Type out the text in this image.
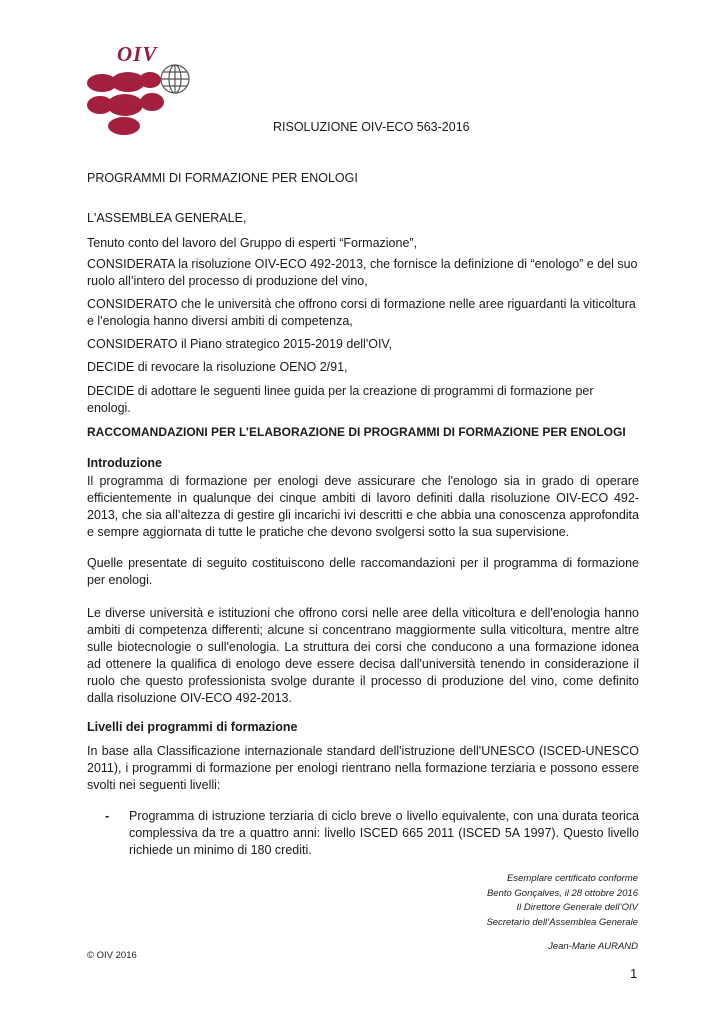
OIV
RISOLUZIONE OIV-ECO 563-2016

PROGRAMMI DI FORMAZIONE PER ENOLOGI

L'ASSEMBLEA GENERALE,

Tenuto conto del lavoro del Gruppo di esperti “Formazione”,

CONSIDERATA la risoluzione OIV-ECO 492-2013, che fornisce la definizione di “enologo” e del suo ruolo all’intero del processo di produzione del vino,

CONSIDERATO che le università che offrono corsi di formazione nelle aree riguardanti la viticoltura e l'enologia hanno diversi ambiti di competenza,

CONSIDERATO il Piano strategico 2015-2019 dell'OIV,

DECIDE di revocare la risoluzione OENO 2/91,

DECIDE di adottare le seguenti linee guida per la creazione di programmi di formazione per enologi.

RACCOMANDAZIONI PER L’ELABORAZIONE DI PROGRAMMI DI FORMAZIONE PER ENOLOGI

Introduzione

Il programma di formazione per enologi deve assicurare che l'enologo sia in grado di operare efficientemente in qualunque dei cinque ambiti di lavoro definiti dalla risoluzione OIV-ECO 492-2013, che sia all’altezza di gestire gli incarichi ivi descritti e che abbia una conoscenza approfondita e sempre aggiornata di tutte le pratiche che devono svolgersi sotto la sua supervisione.

Quelle presentate di seguito costituiscono delle raccomandazioni per il programma di formazione per enologi.

Le diverse università e istituzioni che offrono corsi nelle aree della viticoltura e dell'enologia hanno ambiti di competenza differenti; alcune si concentrano maggiormente sulla viticoltura, mentre altre sulle biotecnologie o sull'enologia. La struttura dei corsi che conducono a una formazione idonea ad ottenere la qualifica di enologo deve essere decisa dall'università tenendo in considerazione il ruolo che questo professionista svolge durante il processo di produzione del vino, come definito dalla risoluzione OIV-ECO 492-2013.

Livelli dei programmi di formazione

In base alla Classificazione internazionale standard dell'istruzione dell'UNESCO (ISCED-UNESCO 2011), i programmi di formazione per enologi rientrano nella formazione terziaria e possono essere svolti nei seguenti livelli:

- Programma di istruzione terziaria di ciclo breve o livello equivalente, con una durata teorica complessiva da tre a quattro anni: livello ISCED 665 2011 (ISCED 5A 1997). Questo livello richiede un minimo di 180 crediti.

Esemplare certificato conforme
Bento Gonçalves, il 28 ottobre 2016
Il Direttore Generale dell’OIV
Secretario dell’Assemblea Generale
Jean-Marie AURAND
© OIV 2016
1
